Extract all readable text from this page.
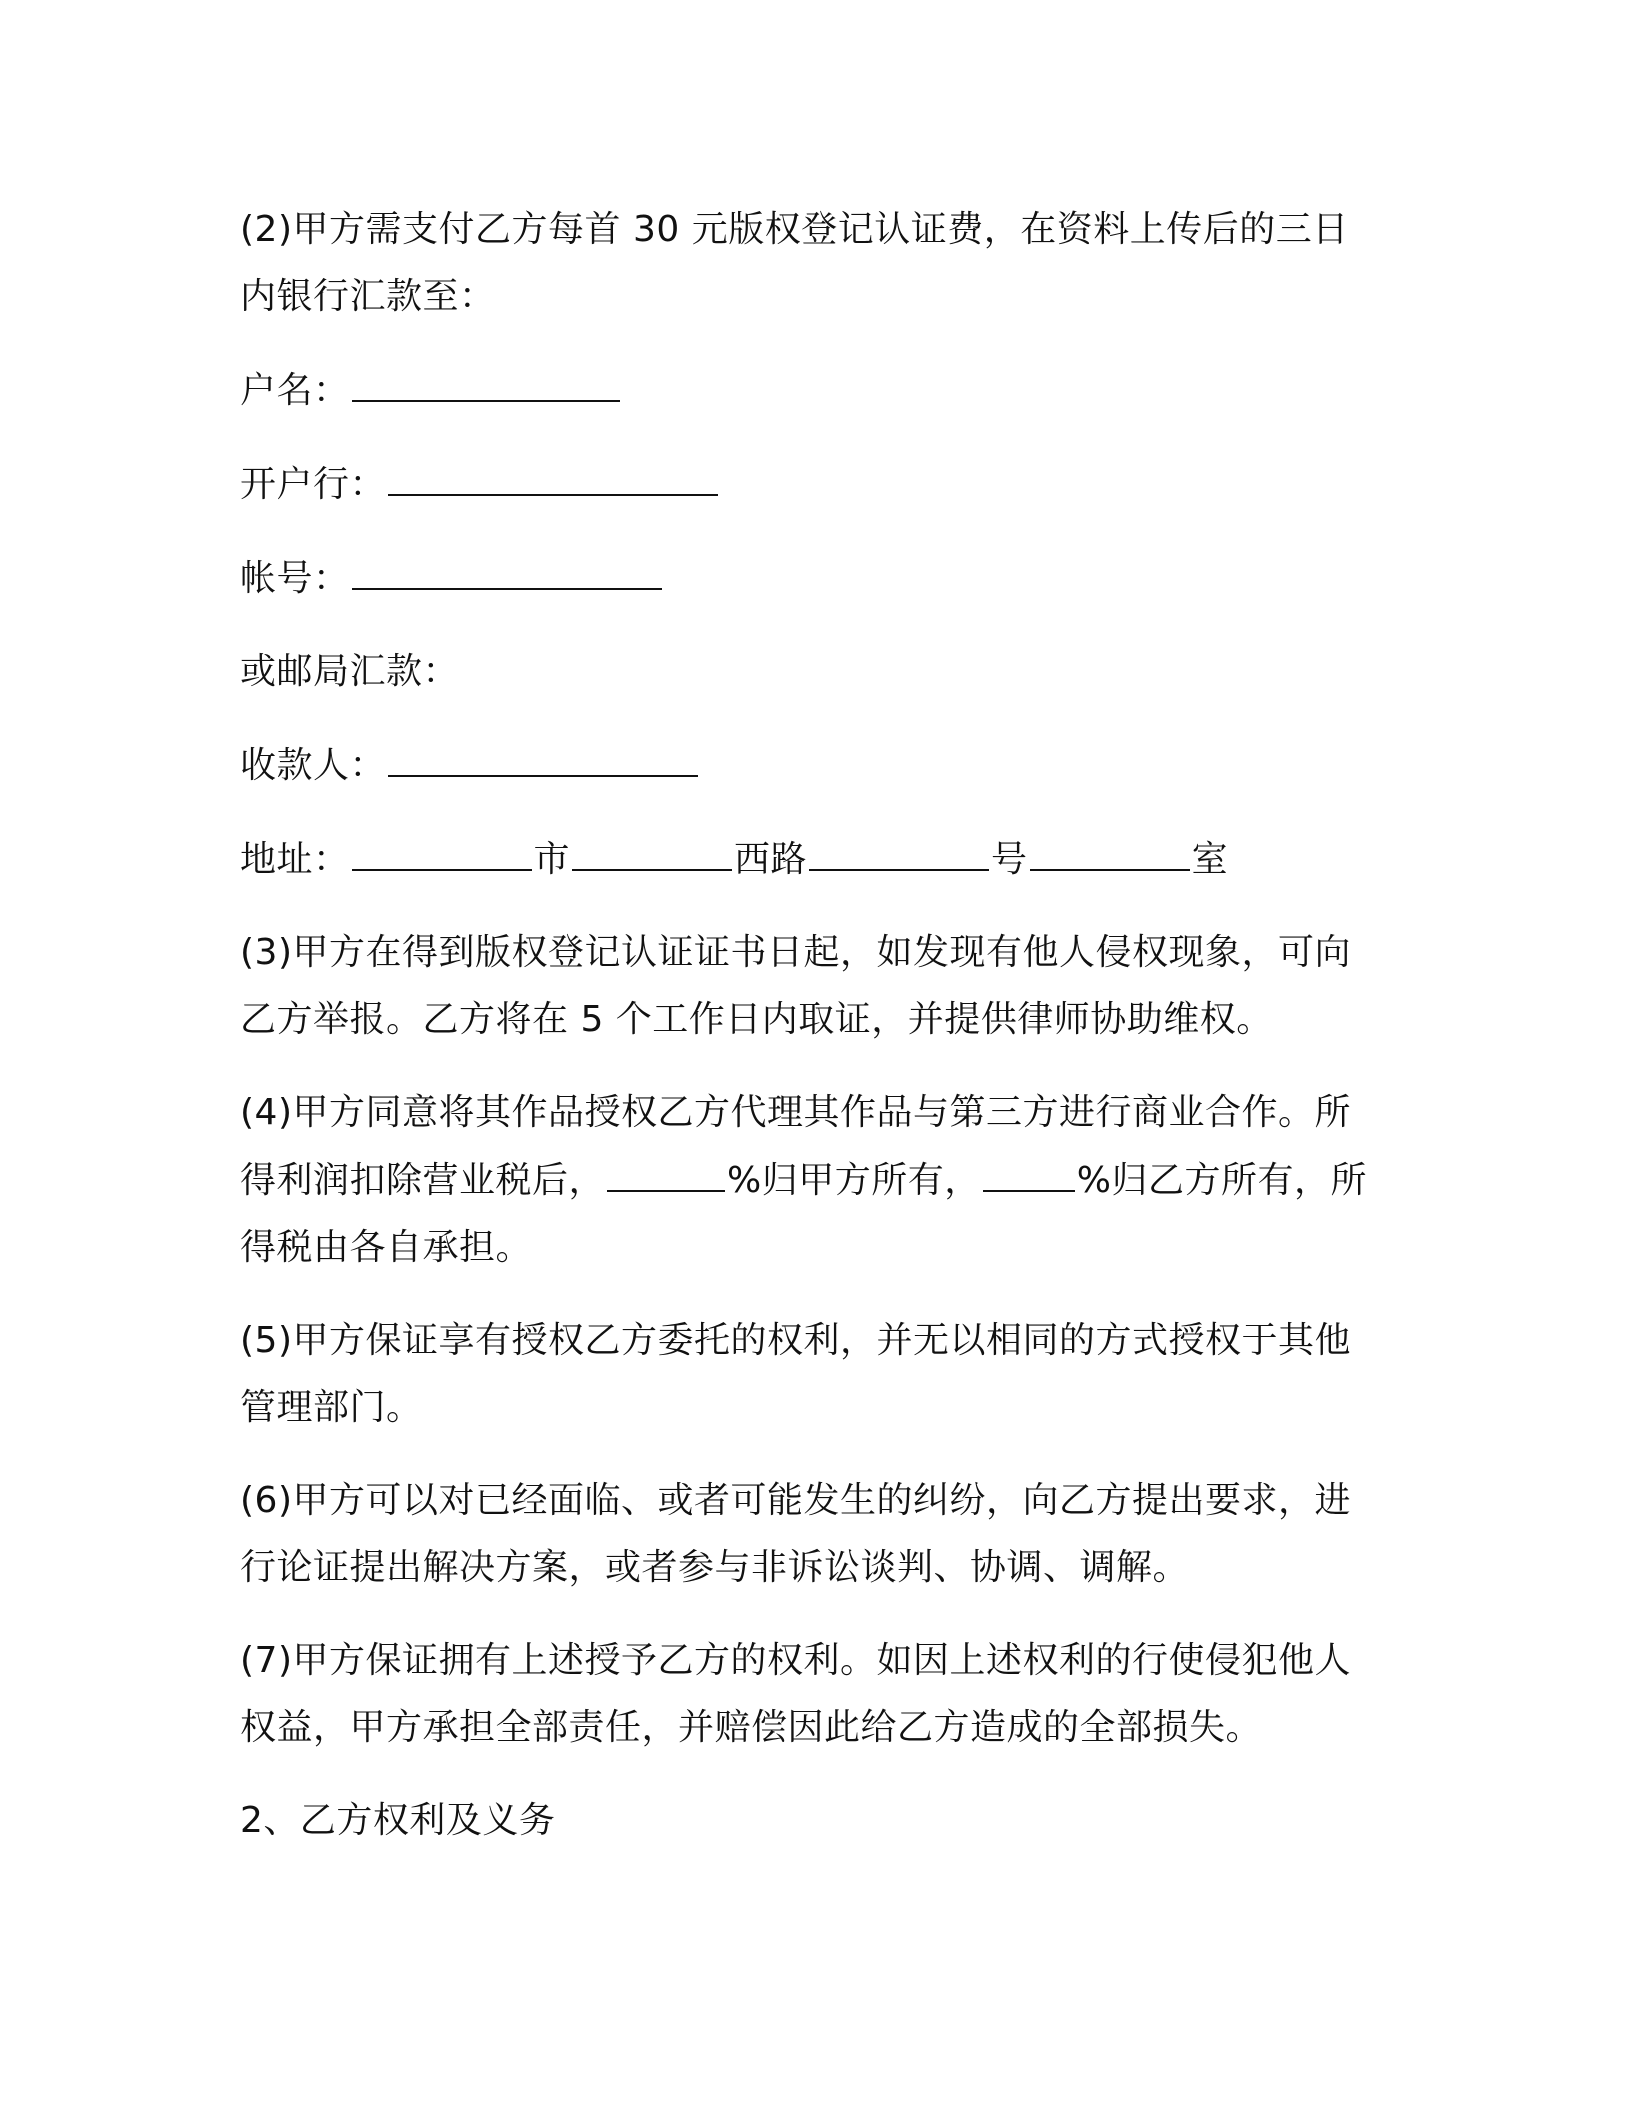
(2)甲方需支付乙方每首 30 元版权登记认证费，在资料上传后的三日内银行汇款至：

户名：
开户行：
帐号：
或邮局汇款：
收款人：
地址：	市	西路	号	室

(3)甲方在得到版权登记认证证书日起，如发现有他人侵权现象，可向乙方举报。乙方将在 5 个工作日内取证，并提供律师协助维权。

(4)甲方同意将其作品授权乙方代理其作品与第三方进行商业合作。所得利润扣除营业税后，	%归甲方所有，	%归乙方所有，所得税由各自承担。

(5)甲方保证享有授权乙方委托的权利，并无以相同的方式授权于其他管理部门。

(6)甲方可以对已经面临、或者可能发生的纠纷，向乙方提出要求，进行论证提出解决方案，或者参与非诉讼谈判、协调、调解。

(7)甲方保证拥有上述授予乙方的权利。如因上述权利的行使侵犯他人权益，甲方承担全部责任，并赔偿因此给乙方造成的全部损失。

2、乙方权利及义务
